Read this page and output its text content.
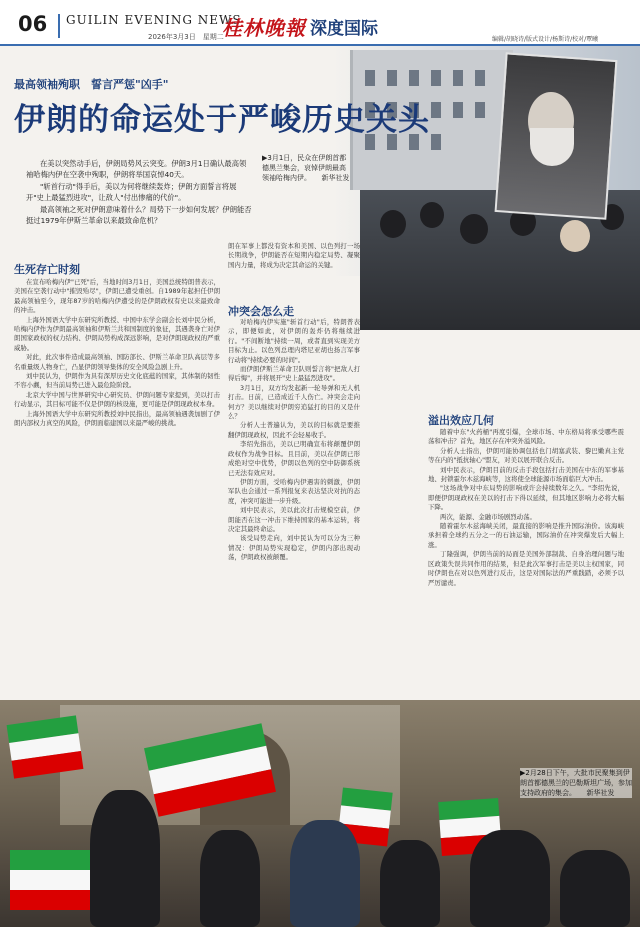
06 GUILIN EVENING NEWS
2026年3月3日　星期二
桂林晚報 深度国际
编辑/胡晓诗/版式设计/杨斯诗/校对/覃曦
最高领袖殉职　誓言严惩"凶手"
伊朗的命运处于严峻历史关头
▶3月1日，民众在伊朗首都德黑兰集会，哀悼伊朗最高领袖哈梅内伊。　　新华社发

在美以突然动手后，伊朗局势风云突变。伊朗3月1日确认最高领袖哈梅内伊在空袭中殉职，伊朗将举国哀悼40天。

"斩首行动"得手后，美以为何将继续轰炸；伊朗方面誓言将展开"史上最猛烈进攻"，让敌人"付出惨痛的代价"。

最高领袖之死对伊朗意味着什么？局势下一步如何发展？伊朗能否挺过1979年伊斯兰革命以来最致命危机？

生死存亡时刻

在宣布哈梅内伊"已死"后，当地时间3月1日，美国总统特朗普表示，美国在空袭行动中"摧毁殆尽"，伊朗已遭受重创。自1989年起担任伊朗最高领袖至今，现年87岁的哈梅内伊遭受的是伊朗政权有史以来最致命的冲击。

上海外国语大学中东研究所教授、中国中东学会副会长刘中民分析，哈梅内伊作为伊朗最高领袖和伊斯兰共和国制度的象征，其遇袭身亡对伊朗国家政权的权力结构、伊朗局势构成深远影响，是对伊朗现政权的严重威胁。

对此，此次事件造成最高领袖、国防部长、伊斯兰革命卫队高层等多名重量级人物身亡，凸显伊朗领导集体的安全风险急剧上升。

刘中民认为，伊朗作为具有深厚历史文化底蕴的国家，其体制的韧性不容小觑，但当前局势已进入最危险阶段。

北京大学中国与世界研究中心研究员、伊朗问题专家提到，美以打击行动显示，其目标可能不仅是伊朗的核设施，更可能是伊朗现政权本身。

上海外国语大学中东研究所教授刘中民指出，最高领袖遇袭加剧了伊朗内部权力真空的风险，伊朗面临建国以来最严峻的挑战。

朗在军事上都没有资本和美国、以色列打一场长期战争，伊朗能否在短期内稳定局势、凝聚国内力量，将成为决定其命运的关键。
冲突会怎么走

对哈梅内伊实施"斩首行动"后，特朗普表示，即便如此，对伊朗的轰炸仍将继续进行。"不间断地"持续一周，或者直到实现美方目标为止。以色列总理内塔尼亚胡也扬言军事行动将"持续必要的时间"。

而伊朗伊斯兰革命卫队则誓言将"把敌人打得后悔"，并将展开"史上最猛烈进攻"。

3月1日，双方均发起新一轮导弹和无人机打击。日前，已造成近千人伤亡。冲突会走向何方？美以继续对伊朗穷追猛打的目的又是什么？

分析人士普遍认为，美以的目标就是要推翻伊朗现政权，因此不会轻易收手。

李绍先指出，美以已明确宣布将颠覆伊朗政权作为战争目标。且目前，美以在伊朗已形成绝对空中优势，伊朗以色列的空中防御系统已无法有效应对。

伊朗方面，受哈梅内伊遇害的刺激，伊朗军队也会通过一系列报复来表达坚决对抗的态度，冲突可能进一步升级。

刘中民表示，美以此次打击规模空前，伊朗能否在这一冲击下维持国家的基本运转，将决定其最终命运。

该受局势走向，刘中民认为可以分为三种情况：伊朗局势实现稳定，伊朗内部出现动荡，伊朗政权被颠覆。

溢出效应几何

随着中东"火药桶"再度引爆，全球市场、中东格局将承受哪些震荡和冲击？首先，地区存在冲突外溢风险。

分析人士指出，伊朗可能协调包括也门胡塞武装、黎巴嫩真主党等在内的"抵抗轴心"盟友，对美以展开联合反击。

刘中民表示，伊朗目前的反击手段包括打击美国在中东的军事基地、封锁霍尔木兹海峡等，这将使全球能源市场面临巨大冲击。

"这场战争对中东局势的影响或许会持续数年之久。"李绍先说，即便伊朗现政权在美以的打击下得以延续，但其地区影响力必将大幅下降。

两次，能源、金融市场剧烈动荡。

随着霍尔木兹海峡关闭，最直接的影响是推升国际油价。该海峡承担着全球约五分之一的石油运输，国际油价在冲突爆发后大幅上涨。

丁隆强调，伊朗当前的局面是美国外部制裁、自身治理问题与地区政策失误共同作用的结果，但是此次军事打击是美以主权国家，同时伊朗也在对以色列进行反击，这是对国际法的严重践踏，必须予以严厉谴责。

▶2月28日下午，大批市民聚集到伊朗首都德黑兰的巴勒斯坦广场，参加支持政府的集会。　　新华社发
